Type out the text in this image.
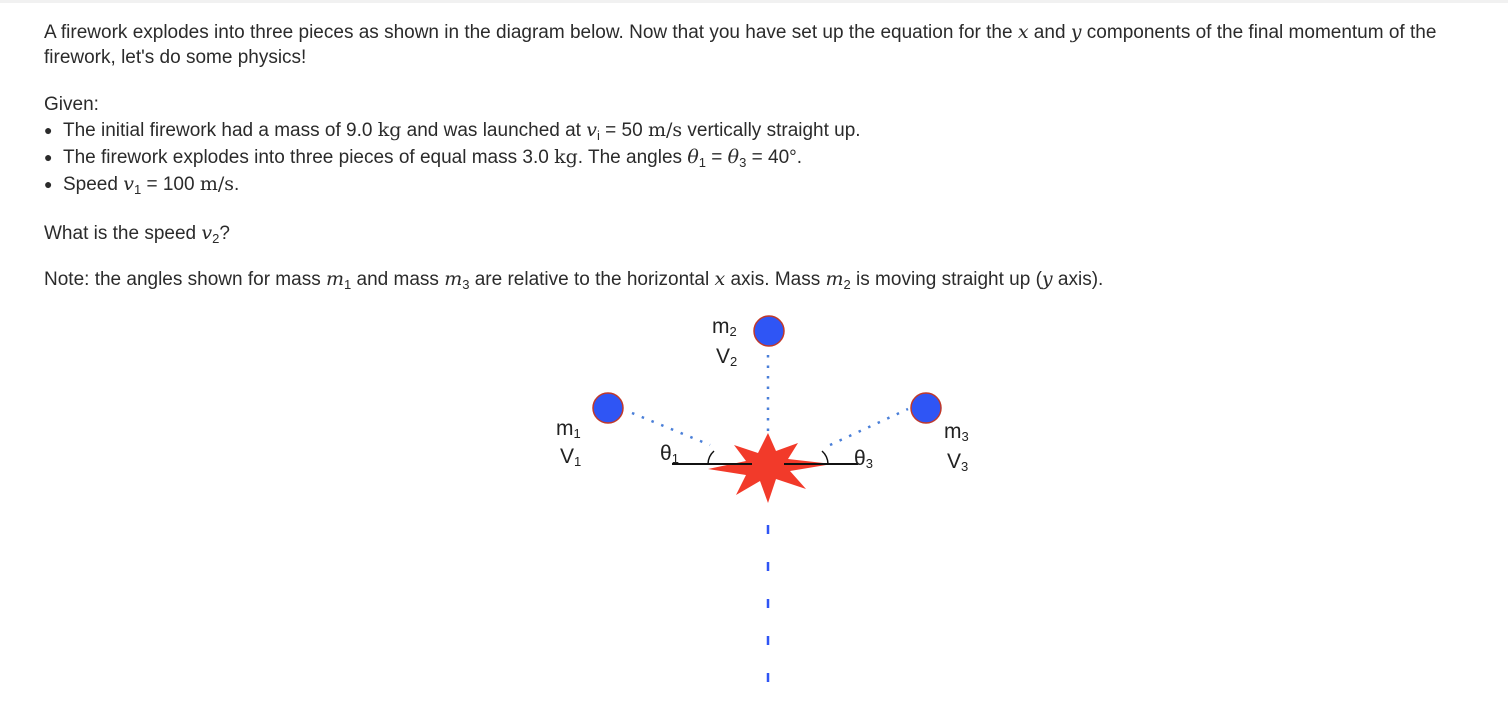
A firework explodes into three pieces as shown in the diagram below. Now that you have set up the equation for the x and y components of the final momentum of the firework, let's do some physics!

Given:

● The initial firework had a mass of 9.0 kg and was launched at $v_i = 50$ m/s vertically straight up.
● The firework explodes into three pieces of equal mass 3.0 kg. The angles $\theta_1 = \theta_3 = 40^\circ$.
● Speed $v_1 = 100$ m/s.

What is the speed $v_2$?

Note: the angles shown for mass $m_1$ and mass $m_3$ are relative to the horizontal x axis. Mass $m_2$ is moving straight up (y axis).

m2
V2
m1
V1
m3
V3
θ1	θ3
